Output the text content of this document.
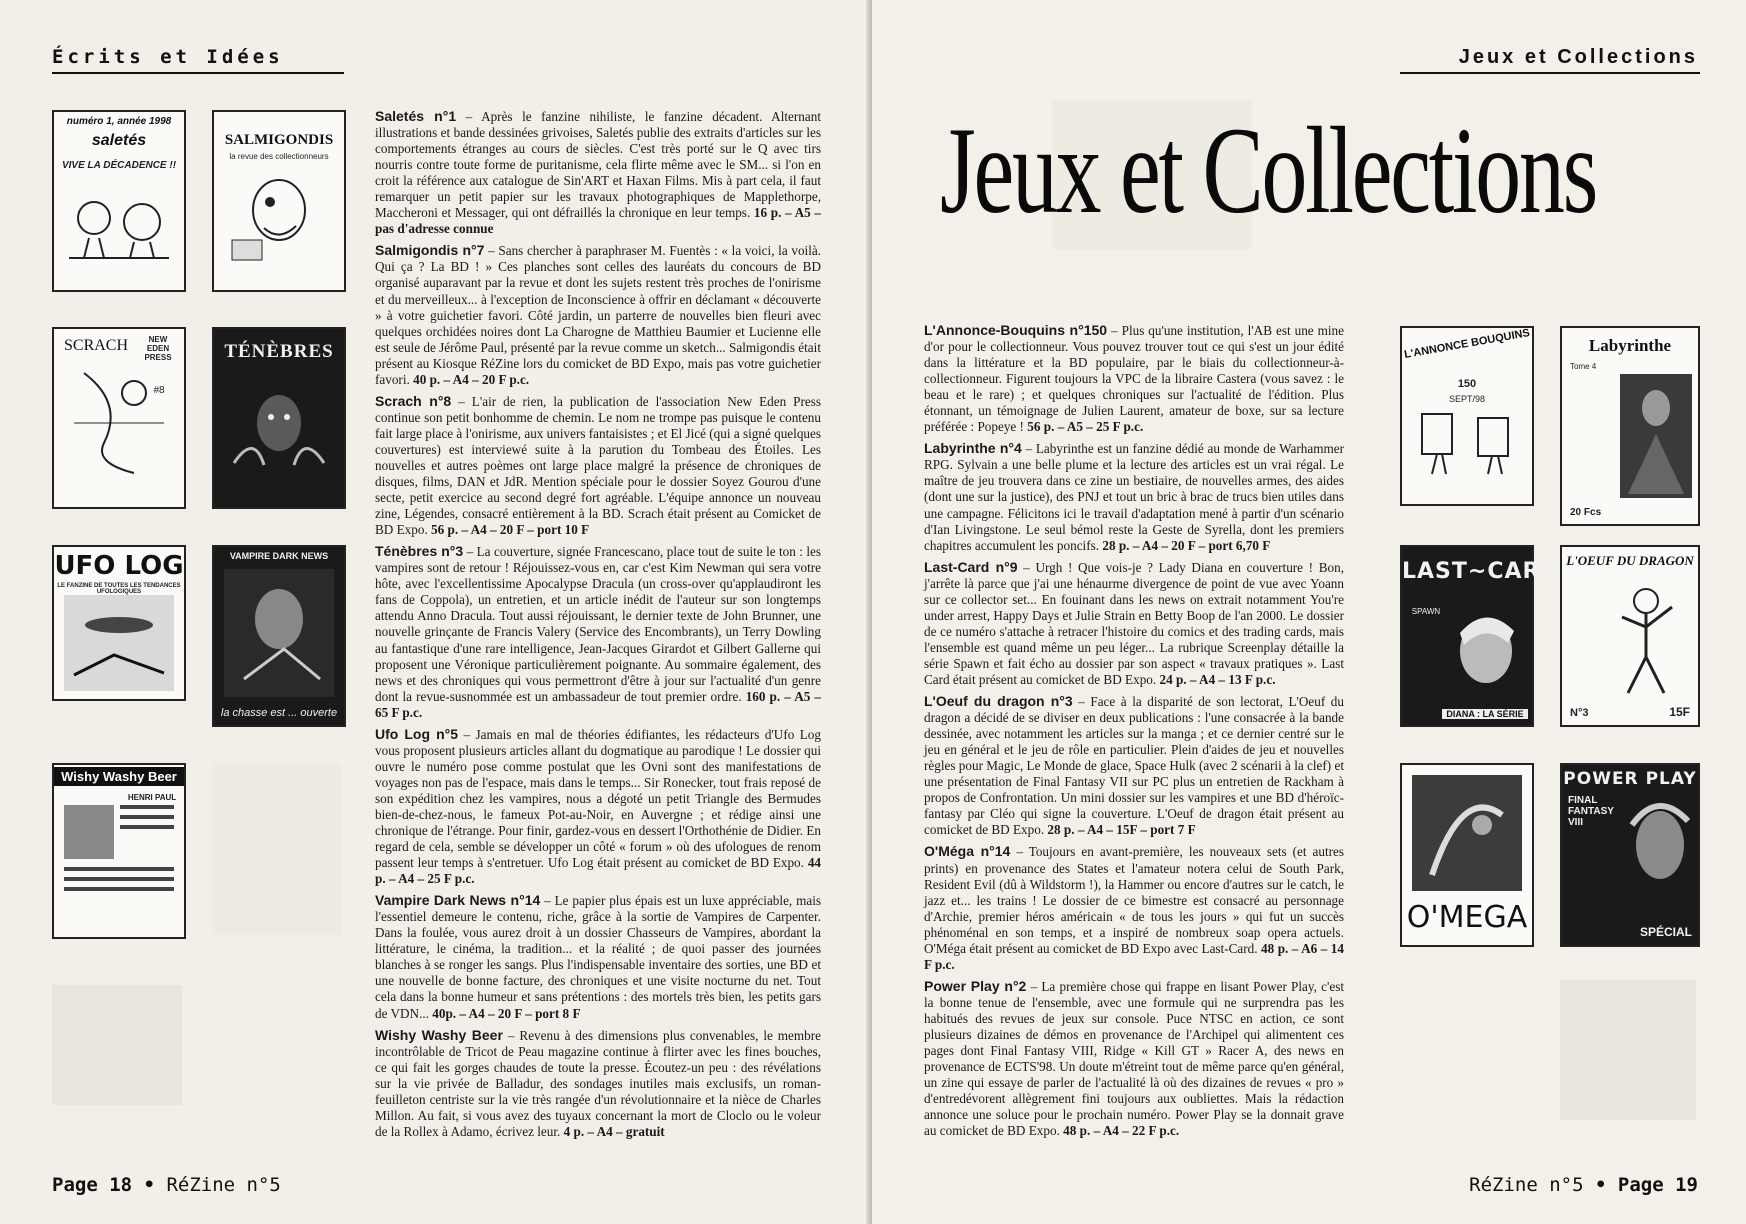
Écrits et Idées
numéro 1, année 1998
saletés
VIVE LA DÉCADENCE !!
SALMIGONDIS
la revue des collectionneurs
SCRACH	NEW EDEN PRESS
#8
TÉNÈBRES
UFO LOG
LE FANZINE DE TOUTES LES TENDANCES UFOLOGIQUES
VAMPIRE DARK NEWS
la chasse est ... ouverte
Wishy Washy Beer
HENRI PAUL

Saletés n°1 – Après le fanzine nihiliste, le fanzine décadent. Alternant illustrations et bande dessinées grivoises, Saletés publie des extraits d'articles sur les comportements étranges au cours de siècles. C'est très porté sur le Q avec tirs nourris contre toute forme de puritanisme, cela flirte même avec le SM... si l'on en croit la référence aux catalogue de Sin'ART et Haxan Films. Mis à part cela, il faut remarquer un petit papier sur les travaux photographiques de Mapplethorpe, Maccheroni et Messager, qui ont défraillés la chronique en leur temps. 16 p. – A5 – pas d'adresse connue

Salmigondis n°7 – Sans chercher à paraphraser M. Fuentès : « la voici, la voilà. Qui ça ? La BD ! » Ces planches sont celles des lauréats du concours de BD organisé auparavant par la revue et dont les sujets restent très proches de l'onirisme et du merveilleux... à l'exception de Inconscience à offrir en déclamant « découverte » à votre guichetier favori. Côté jardin, un parterre de nouvelles bien fleuri avec quelques orchidées noires dont La Charogne de Matthieu Baumier et Lucienne elle est seule de Jérôme Paul, présenté par la revue comme un sketch... Salmigondis était présent au Kiosque RéZine lors du comicket de BD Expo, mais pas votre guichetier favori. 40 p. – A4 – 20 F p.c.

Scrach n°8 – L'air de rien, la publication de l'association New Eden Press continue son petit bonhomme de chemin. Le nom ne trompe pas puisque le contenu fait large place à l'onirisme, aux univers fantaisistes ; et El Jicé (qui a signé quelques couvertures) est interviewé suite à la parution du Tombeau des Étoiles. Les nouvelles et autres poèmes ont large place malgré la présence de chroniques de disques, films, DAN et JdR. Mention spéciale pour le dossier Soyez Gourou d'une secte, petit exercice au second degré fort agréable. L'équipe annonce un nouveau zine, Légendes, consacré entièrement à la BD. Scrach était présent au Comicket de BD Expo. 56 p. – A4 – 20 F – port 10 F

Ténèbres n°3 – La couverture, signée Francescano, place tout de suite le ton : les vampires sont de retour ! Réjouissez-vous en, car c'est Kim Newman qui sera votre hôte, avec l'excellentissime Apocalypse Dracula (un cross-over qu'applaudiront les fans de Coppola), un entretien, et un article inédit de l'auteur sur son longtemps attendu Anno Dracula. Tout aussi réjouissant, le dernier texte de John Brunner, une nouvelle grinçante de Francis Valery (Service des Encombrants), un Terry Dowling au fantastique d'une rare intelligence, Jean-Jacques Girardot et Gilbert Gallerne qui proposent une Véronique particulièrement poignante. Au sommaire également, des news et des chroniques qui vous permettront d'être à jour sur l'actualité d'un genre dont la revue-susnommée est un ambassadeur de tout premier ordre. 160 p. – A5 – 65 F p.c.

Ufo Log n°5 – Jamais en mal de théories édifiantes, les rédacteurs d'Ufo Log vous proposent plusieurs articles allant du dogmatique au parodique ! Le dossier qui ouvre le numéro pose comme postulat que les Ovni sont des manifestations de voyages non pas de l'espace, mais dans le temps... Sir Ronecker, tout frais reposé de son expédition chez les vampires, nous a dégoté un petit Triangle des Bermudes bien-de-chez-nous, le fameux Pot-au-Noir, en Auvergne ; et rédige ainsi une chronique de l'étrange. Pour finir, gardez-vous en dessert l'Orthothénie de Didier. En regard de cela, semble se développer un côté « forum » où des ufologues de renom passent leur temps à s'entretuer. Ufo Log était présent au comicket de BD Expo. 44 p. – A4 – 25 F p.c.

Vampire Dark News n°14 – Le papier plus épais est un luxe appréciable, mais l'essentiel demeure le contenu, riche, grâce à la sortie de Vampires de Carpenter. Dans la foulée, vous aurez droit à un dossier Chasseurs de Vampires, abordant la littérature, le cinéma, la tradition... et la réalité ; de quoi passer des journées blanches à se ronger les sangs. Plus l'indispensable inventaire des sorties, une BD et une nouvelle de bonne facture, des chroniques et une visite nocturne du net. Tout cela dans la bonne humeur et sans prétentions : des mortels très bien, les petits gars de VDN... 40p. – A4 – 20 F – port 8 F

Wishy Washy Beer – Revenu à des dimensions plus convenables, le membre incontrôlable de Tricot de Peau magazine continue à flirter avec les fines bouches, ce qui fait les gorges chaudes de toute la presse. Écoutez-un peu : des révélations sur la vie privée de Balladur, des sondages inutiles mais exclusifs, un roman-feuilleton centriste sur la vie très rangée d'un révolutionnaire et la nièce de Charles Millon. Au fait, si vous avez des tuyaux concernant la mort de Cloclo ou le voleur de la Rollex à Adamo, écrivez leur. 4 p. – A4 – gratuit

Page 18 • RéZine n°5
Jeux et Collections

L'Annonce-Bouquins n°150 – Plus qu'une institution, l'AB est une mine d'or pour le collectionneur. Vous pouvez trouver tout ce qui s'est un jour édité dans la littérature et la BD populaire, par le biais du collectionneur-à-collectionneur. Figurent toujours la VPC de la libraire Castera (vous savez : le beau et le rare) ; et quelques chroniques sur l'actualité de l'édition. Plus étonnant, un témoignage de Julien Laurent, amateur de boxe, sur sa lecture préférée : Popeye ! 56 p. – A5 – 25 F p.c.

Labyrinthe n°4 – Labyrinthe est un fanzine dédié au monde de Warhammer RPG. Sylvain a une belle plume et la lecture des articles est un vrai régal. Le maître de jeu trouvera dans ce zine un bestiaire, de nouvelles armes, des aides (dont une sur la justice), des PNJ et tout un bric à brac de trucs bien utiles dans une campagne. Félicitons ici le travail d'adaptation mené à partir d'un scénario d'Ian Livingstone. Le seul bémol reste la Geste de Syrella, dont les premiers chapitres accumulent les poncifs. 28 p. – A4 – 20 F – port 6,70 F

Last-Card n°9 – Urgh ! Que vois-je ? Lady Diana en couverture ! Bon, j'arrête là parce que j'ai une hénaurme divergence de point de vue avec Yoann sur ce collector set... En fouinant dans les news on extrait notamment You're under arrest, Happy Days et Julie Strain en Betty Boop de l'an 2000. Le dossier de ce numéro s'attache à retracer l'histoire du comics et des trading cards, mais l'ensemble est quand même un peu léger... La rubrique Screenplay détaille la série Spawn et fait écho au dossier par son aspect « travaux pratiques ». Last Card était présent au comicket de BD Expo. 24 p. – A4 – 13 F p.c.

L'Oeuf du dragon n°3 – Face à la disparité de son lectorat, L'Oeuf du dragon a décidé de se diviser en deux publications : l'une consacrée à la bande dessinée, avec notamment les articles sur la manga ; et ce dernier centré sur le jeu en général et le jeu de rôle en particulier. Plein d'aides de jeu et nouvelles règles pour Magic, Le Monde de glace, Space Hulk (avec 2 scénarii à la clef) et une présentation de Final Fantasy VII sur PC plus un entretien de Rackham à propos de Confrontation. Un mini dossier sur les vampires et une BD d'héroïc-fantasy par Cléo qui signe la couverture. L'Oeuf de dragon était présent au comicket de BD Expo. 28 p. – A4 – 15F – port 7 F

O'Méga n°14 – Toujours en avant-première, les nouveaux sets (et autres prints) en provenance des States et l'amateur notera celui de South Park, Resident Evil (dû à Wildstorm !), la Hammer ou encore d'autres sur le catch, le jazz et... les trains ! Le dossier de ce bimestre est consacré au personnage d'Archie, premier héros américain « de tous les jours » qui fut un succès phénoménal en son temps, et a inspiré de nombreux soap opera actuels. O'Méga était présent au comicket de BD Expo avec Last-Card. 48 p. – A6 – 14 F p.c.

Power Play n°2 – La première chose qui frappe en lisant Power Play, c'est la bonne tenue de l'ensemble, avec une formule qui ne surprendra pas les habitués des revues de jeux sur console. Puce NTSC en action, ce sont plusieurs dizaines de démos en provenance de l'Archipel qui alimentent ces pages dont Final Fantasy VIII, Ridge « Kill GT » Racer A, des news en provenance de ECTS'98. Un doute m'étreint tout de même parce qu'en général, un zine qui essaye de parler de l'actualité là où des dizaines de revues « pro » d'entredévorent allègrement fini toujours aux oubliettes. Mais la rédaction annonce une soluce pour le prochain numéro. Power Play se la donnait grave au comicket de BD Expo. 48 p. – A4 – 22 F p.c.

L'ANNONCE BOUQUINS
150
SEPT/98
Labyrinthe
Tome 4
20 Fcs
LAST~CARD
SPAWN
DIANA : LA SÉRIE
L'OEUF DU DRAGON
N°3	15F
O'MEGA
POWER PLAY
FINAL FANTASY VIII
SPÉCIAL
RéZine n°5 • Page 19
Jeux et Collections
